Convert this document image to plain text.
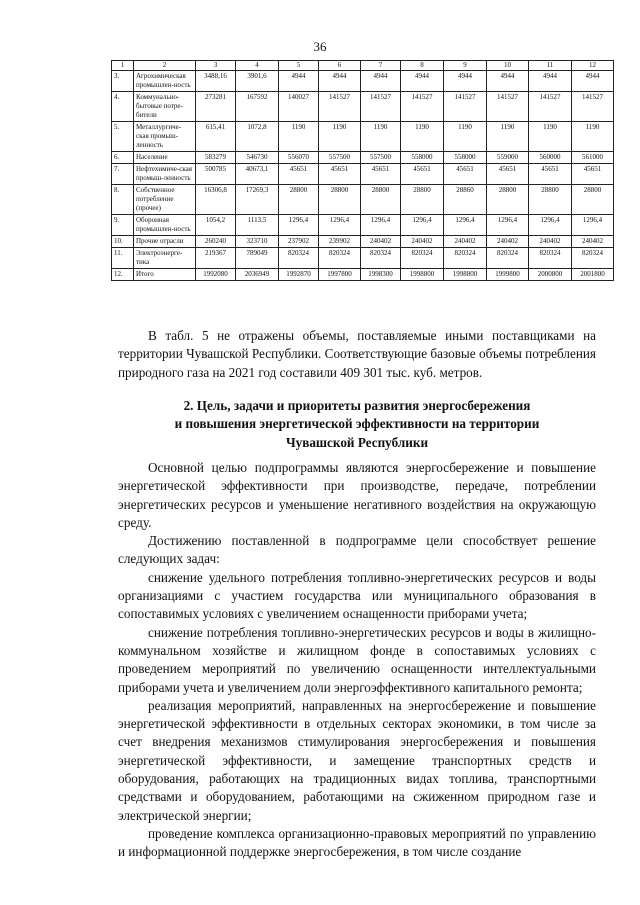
36
1	2	3	4	5	6	7	8	9	10	11	12
3.	Агрохимическая промышлен-ность	3488,16	3901,6	4944	4944	4944	4944	4944	4944	4944	4944
4.	Коммунально-бытовые потре-бители	273281	167592	140027	141527	141527	141527	141527	141527	141527	141527
5.	Металлургиче-ская промыш-ленность	615,41	1072,8	1190	1190	1190	1190	1190	1190	1190	1190
6.	Население	583279	546730	556070	557500	557500	558000	558000	559000	560000	561000
7.	Нефтехимиче-ская промыш-ленность	500785	40673,1	45651	45651	45651	45651	45651	45651	45651	45651
8.	Собственное потребление (прочее)	16306,8	17269,3	28800	28800	28800	28800	28860	28800	28800	28800
9.	Оборонная промышлен-ность	1054,2	1113,5	1296,4	1296,4	1296,4	1296,4	1296,4	1296,4	1296,4	1296,4
10.	Прочие отрасли	260240	323710	237902	239902	240402	240402	240402	240402	240402	240402
11.	Электроэнерге-тика	219367	789049	820324	820324	820324	820324	820324	820324	820324	820324
12.	Итого	1992080	2036949	1992870	1997800	1998300	1998800	1998800	1999800	2000800	2001800

В табл. 5 не отражены объемы, поставляемые иными поставщиками на территории Чувашской Республики. Соответствующие базовые объемы потребления природного газа на 2021 год составили 409 301 тыс. куб. метров.

2. Цель, задачи и приоритеты развития энергосбережения

и повышения энергетической эффективности на территории

Чувашской Республики

Основной целью подпрограммы являются энергосбережение и повышение энергетической эффективности при производстве, передаче, потреблении энергетических ресурсов и уменьшение негативного воздействия на окружающую среду.

Достижению поставленной в подпрограмме цели способствует решение следующих задач:

снижение удельного потребления топливно-энергетических ресурсов и воды организациями с участием государства или муниципального образования в сопоставимых условиях с увеличением оснащенности приборами учета;

снижение потребления топливно-энергетических ресурсов и воды в жилищно-коммунальном хозяйстве и жилищном фонде в сопоставимых условиях с проведением мероприятий по увеличению оснащенности интеллектуальными приборами учета и увеличением доли энергоэффективного капитального ремонта;

реализация мероприятий, направленных на энергосбережение и повышение энергетической эффективности в отдельных секторах экономики, в том числе за счет внедрения механизмов стимулирования энергосбережения и повышения энергетической эффективности, и замещение транспортных средств и оборудования, работающих на традиционных видах топлива, транспортными средствами и оборудованием, работающими на сжиженном природном газе и электрической энергии;

проведение комплекса организационно-правовых мероприятий по управлению и информационной поддержке энергосбережения, в том числе создание
